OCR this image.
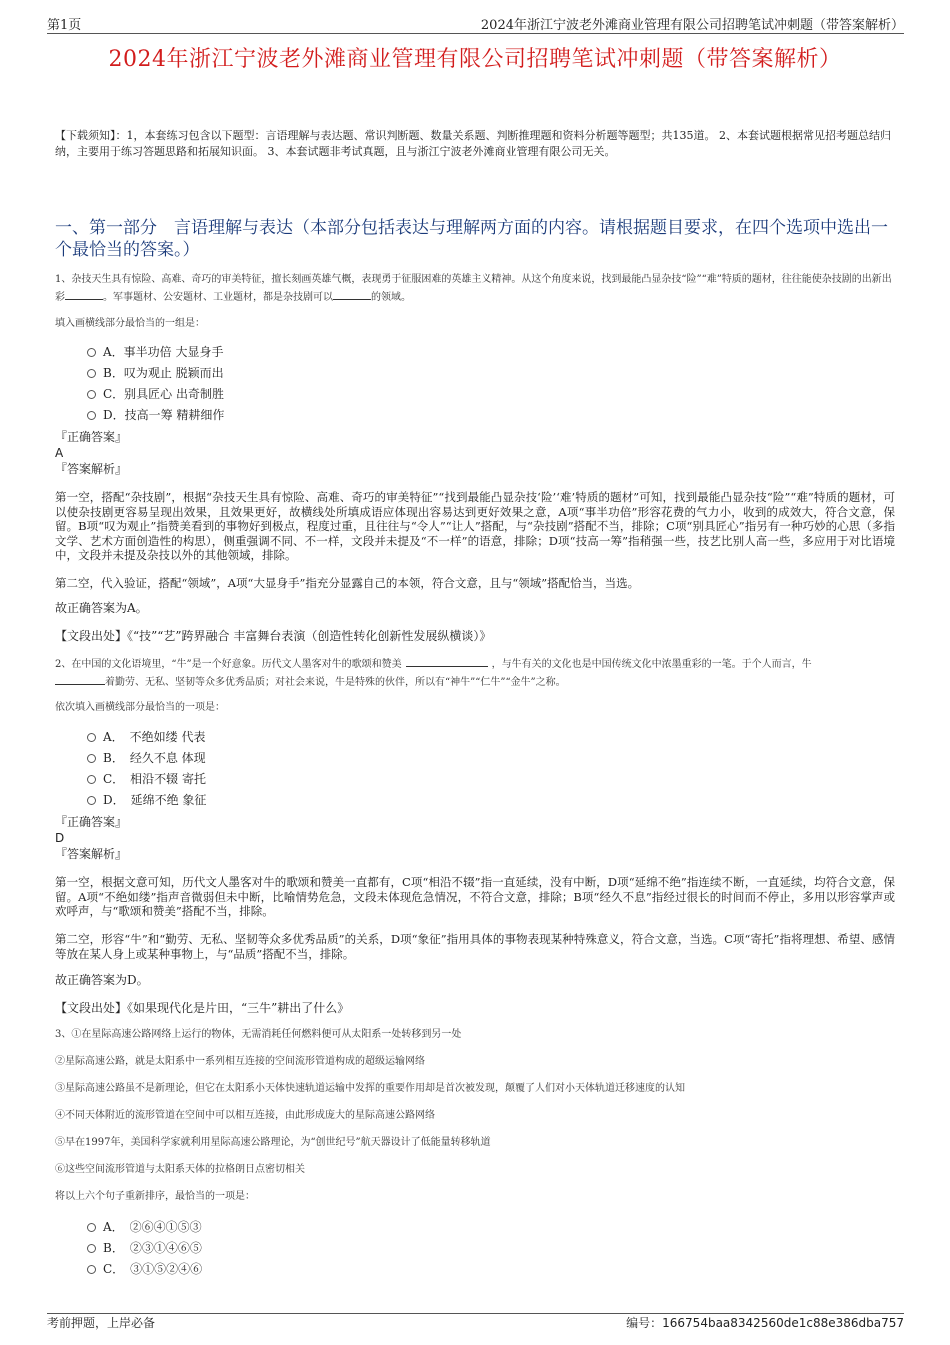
第1页	2024年浙江宁波老外滩商业管理有限公司招聘笔试冲刺题（带答案解析）
2024年浙江宁波老外滩商业管理有限公司招聘笔试冲刺题（带答案解析）
【下载须知】：1，本套练习包含以下题型：言语理解与表达题、常识判断题、数量关系题、判断推理题和资料分析题等题型；共135道。 2、本套试题根据常见招考题总结归纳，主要用于练习答题思路和拓展知识面。 3、本套试题非考试真题，且与浙江宁波老外滩商业管理有限公司无关。
一、第一部分　言语理解与表达（本部分包括表达与理解两方面的内容。请根据题目要求，在四个选项中选出一个最恰当的答案。）
1、杂技天生具有惊险、高难、奇巧的审美特征，擅长刻画英雄气概，表现勇于征服困难的英雄主义精神。从这个角度来说，找到最能凸显杂技“险”“难”特质的题材，往往能使杂技剧的出新出彩	。军事题材、公安题材、工业题材，都是杂技剧可以	的领域。
填入画横线部分最恰当的一组是：
A．事半功倍 大显身手
B．叹为观止 脱颖而出
C．别具匠心 出奇制胜
D．技高一筹 精耕细作
『正确答案』
A
『答案解析』
第一空，搭配“杂技剧”，根据“杂技天生具有惊险、高难、奇巧的审美特征”“找到最能凸显杂技‘险’‘难’特质的题材”可知，找到最能凸显杂技“险”“难”特质的题材，可以使杂技剧更容易呈现出效果，且效果更好，故横线处所填成语应体现出容易达到更好效果之意，A项“事半功倍”形容花费的气力小，收到的成效大，符合文意，保留。B项“叹为观止”指赞美看到的事物好到极点，程度过重，且往往与“令人”“让人”搭配，与“杂技剧”搭配不当，排除；C项“别具匠心”指另有一种巧妙的心思（多指文学、艺术方面创造性的构思），侧重强调不同、不一样，文段并未提及“不一样”的语意，排除；D项“技高一筹”指稍强一些，技艺比别人高一些，多应用于对比语境中，文段并未提及杂技以外的其他领域，排除。
第二空，代入验证，搭配“领域”，A项“大显身手”指充分显露自己的本领，符合文意，且与“领域”搭配恰当，当选。
故正确答案为A。
【文段出处】《“技”“艺”跨界融合 丰富舞台表演（创造性转化创新性发展纵横谈）》
2、在中国的文化语境里，“牛”是一个好意象。历代文人墨客对牛的歌颂和赞美	，与牛有关的文化也是中国传统文化中浓墨重彩的一笔。于个人而言，牛
着勤劳、无私、坚韧等众多优秀品质；对社会来说，牛是特殊的伙伴，所以有“神牛”“仁牛”“金牛”之称。
依次填入画横线部分最恰当的一项是：
A．　不绝如缕 代表
B．　经久不息 体现
C．　相沿不辍 寄托
D．　延绵不绝 象征
『正确答案』
D
『答案解析』
第一空，根据文意可知，历代文人墨客对牛的歌颂和赞美一直都有，C项“相沿不辍”指一直延续，没有中断，D项“延绵不绝”指连续不断，一直延续，均符合文意，保留。A项“不绝如缕”指声音微弱但未中断，比喻情势危急，文段未体现危急情况，不符合文意，排除；B项“经久不息”指经过很长的时间而不停止，多用以形容掌声或欢呼声，与“歌颂和赞美”搭配不当，排除。
第二空，形容“牛”和“勤劳、无私、坚韧等众多优秀品质”的关系，D项“象征”指用具体的事物表现某种特殊意义，符合文意，当选。C项“寄托”指将理想、希望、感情等放在某人身上或某种事物上，与“品质”搭配不当，排除。
故正确答案为D。
【文段出处】《如果现代化是片田，“三牛”耕出了什么》
3、①在星际高速公路网络上运行的物体，无需消耗任何燃料便可从太阳系一处转移到另一处
②星际高速公路，就是太阳系中一系列相互连接的空间流形管道构成的超级运输网络
③星际高速公路虽不是新理论，但它在太阳系小天体快速轨道运输中发挥的重要作用却是首次被发现，颠覆了人们对小天体轨道迁移速度的认知
④不同天体附近的流形管道在空间中可以相互连接，由此形成庞大的星际高速公路网络
⑤早在1997年，美国科学家就利用星际高速公路理论，为“创世纪号”航天器设计了低能量转移轨道
⑥这些空间流形管道与太阳系天体的拉格朗日点密切相关
将以上六个句子重新排序，最恰当的一项是：
A．　②⑥④①⑤③
B．　②③①④⑥⑤
C．　③①⑤②④⑥
考前押题，上岸必备	编号：166754baa8342560de1c88e386dba757
